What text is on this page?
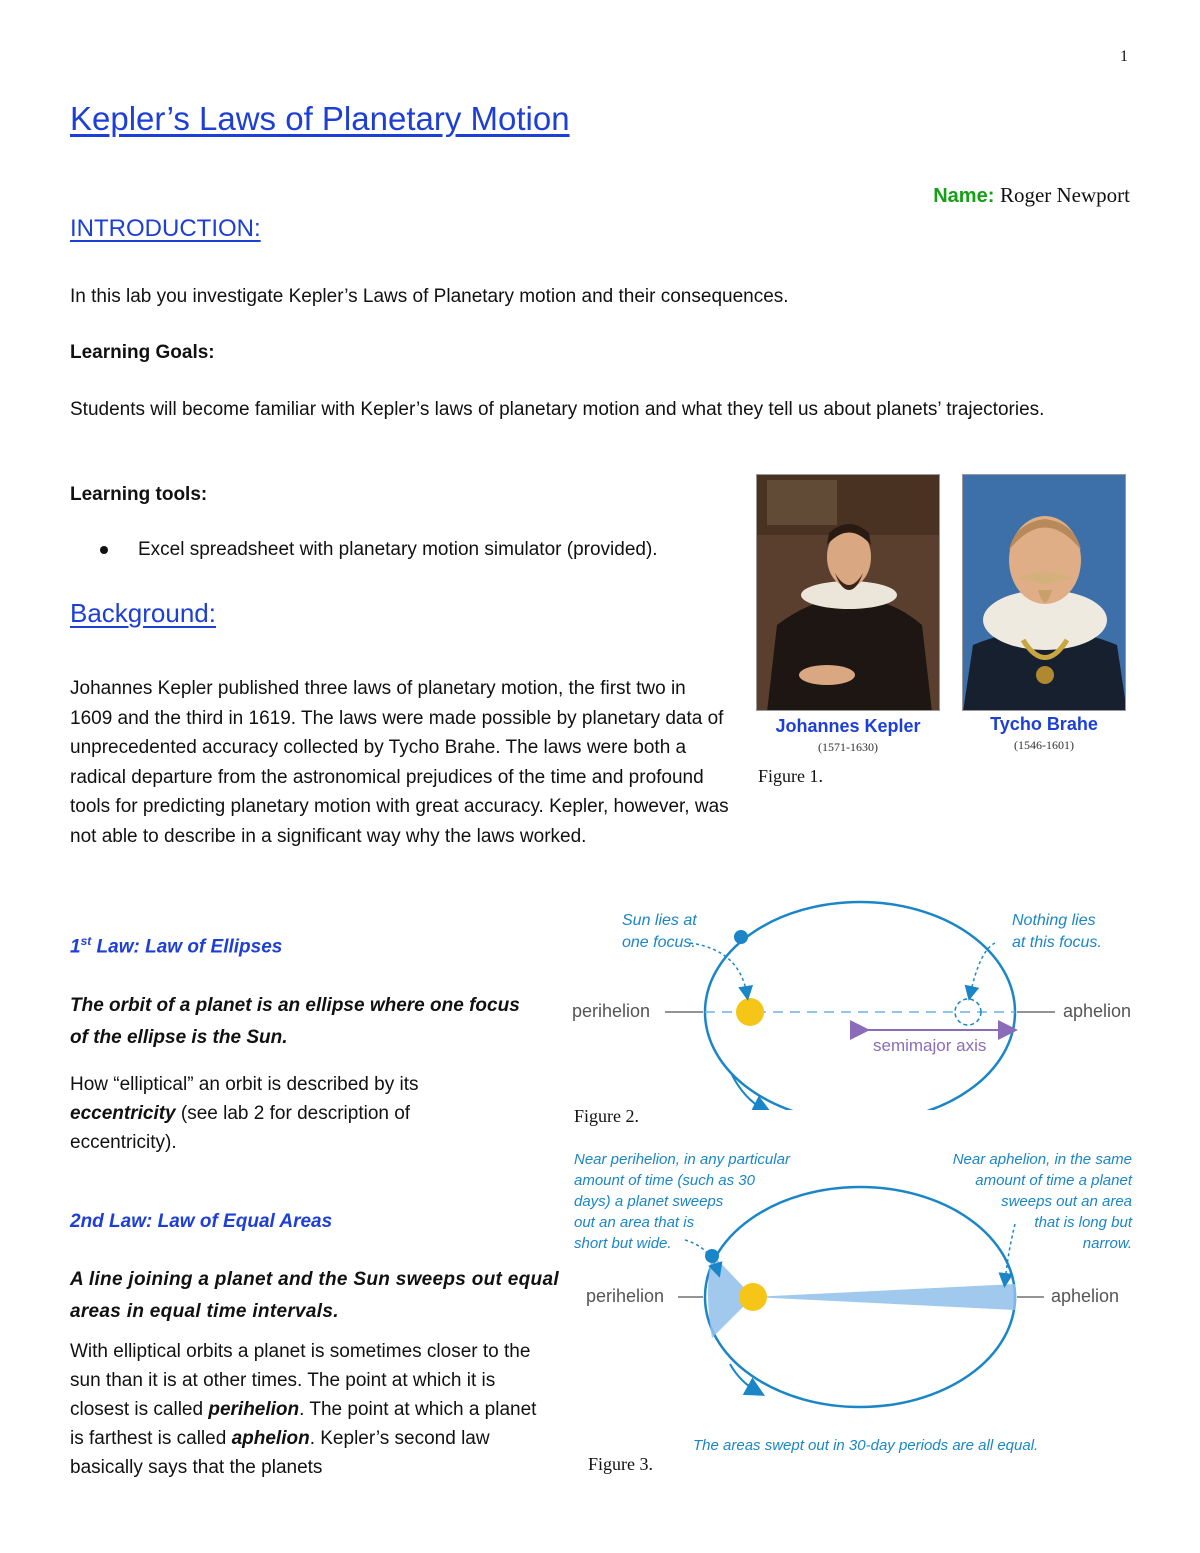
1
Kepler’s Laws of Planetary Motion
Name: Roger Newport
INTRODUCTION:
In this lab you investigate Kepler’s Laws of Planetary motion and their consequences.
Learning Goals:
Students will become familiar with Kepler’s laws of planetary motion and what they tell us about planets’ trajectories.
Learning tools:
Excel spreadsheet with planetary motion simulator (provided).
Background:
Johannes Kepler published three laws of planetary motion, the first two in 1609 and the third in 1619. The laws were made possible by planetary data of unprecedented accuracy collected by Tycho Brahe. The laws were both a radical departure from the astronomical prejudices of the time and profound tools for predicting planetary motion with great accuracy. Kepler, however, was not able to describe in a significant way why the laws worked.
Johannes Kepler
(1571-1630)
Tycho Brahe
(1546-1601)
Figure 1.
1st Law: Law of Ellipses
The orbit of a planet is an ellipse where one focus of the ellipse is the Sun.
How “elliptical” an orbit is described by its eccentricity (see lab 2 for description of eccentricity).
2nd Law: Law of Equal Areas
A line joining a planet and the Sun sweeps out equal areas in equal time intervals.
With elliptical orbits a planet is sometimes closer to the sun than it is at other times. The point at which it is closest is called perihelion. The point at which a planet is farthest is called aphelion. Kepler’s second law basically says that the planets
Sun lies at
one focus.
Nothing lies
at this focus.
perihelion	aphelion
semimajor axis
Figure 2.
Near perihelion, in any particular
amount of time (such as 30
days) a planet sweeps
out an area that is
short but wide.
Near aphelion, in the same
amount of time a planet
sweeps out an area
that is long but
narrow.
perihelion	aphelion
The areas swept out in 30-day periods are all equal.
Figure 3.
